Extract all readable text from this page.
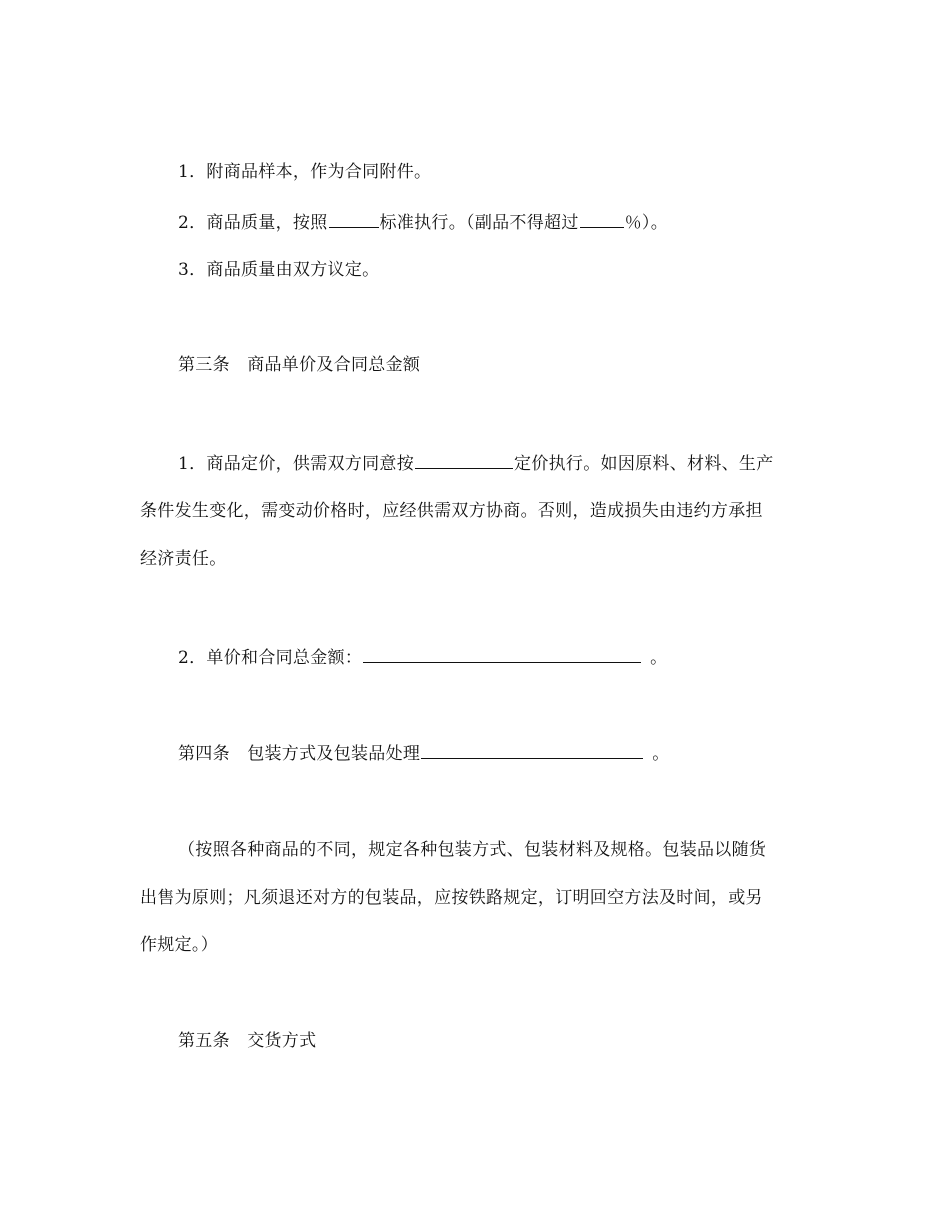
1．附商品样本，作为合同附件。
2．商品质量，按照	标准执行。（副品不得超过	％）。
3．商品质量由双方议定。
第三条　商品单价及合同总金额
1．商品定价，供需双方同意按	定价执行。如因原料、材料、生产
条件发生变化，需变动价格时，应经供需双方协商。否则，造成损失由违约方承担
经济责任。
2．单价和合同总金额：	。
第四条　包装方式及包装品处理	。
（按照各种商品的不同，规定各种包装方式、包装材料及规格。包装品以随货
出售为原则；凡须退还对方的包装品，应按铁路规定，订明回空方法及时间，或另
作规定。）
第五条　交货方式
